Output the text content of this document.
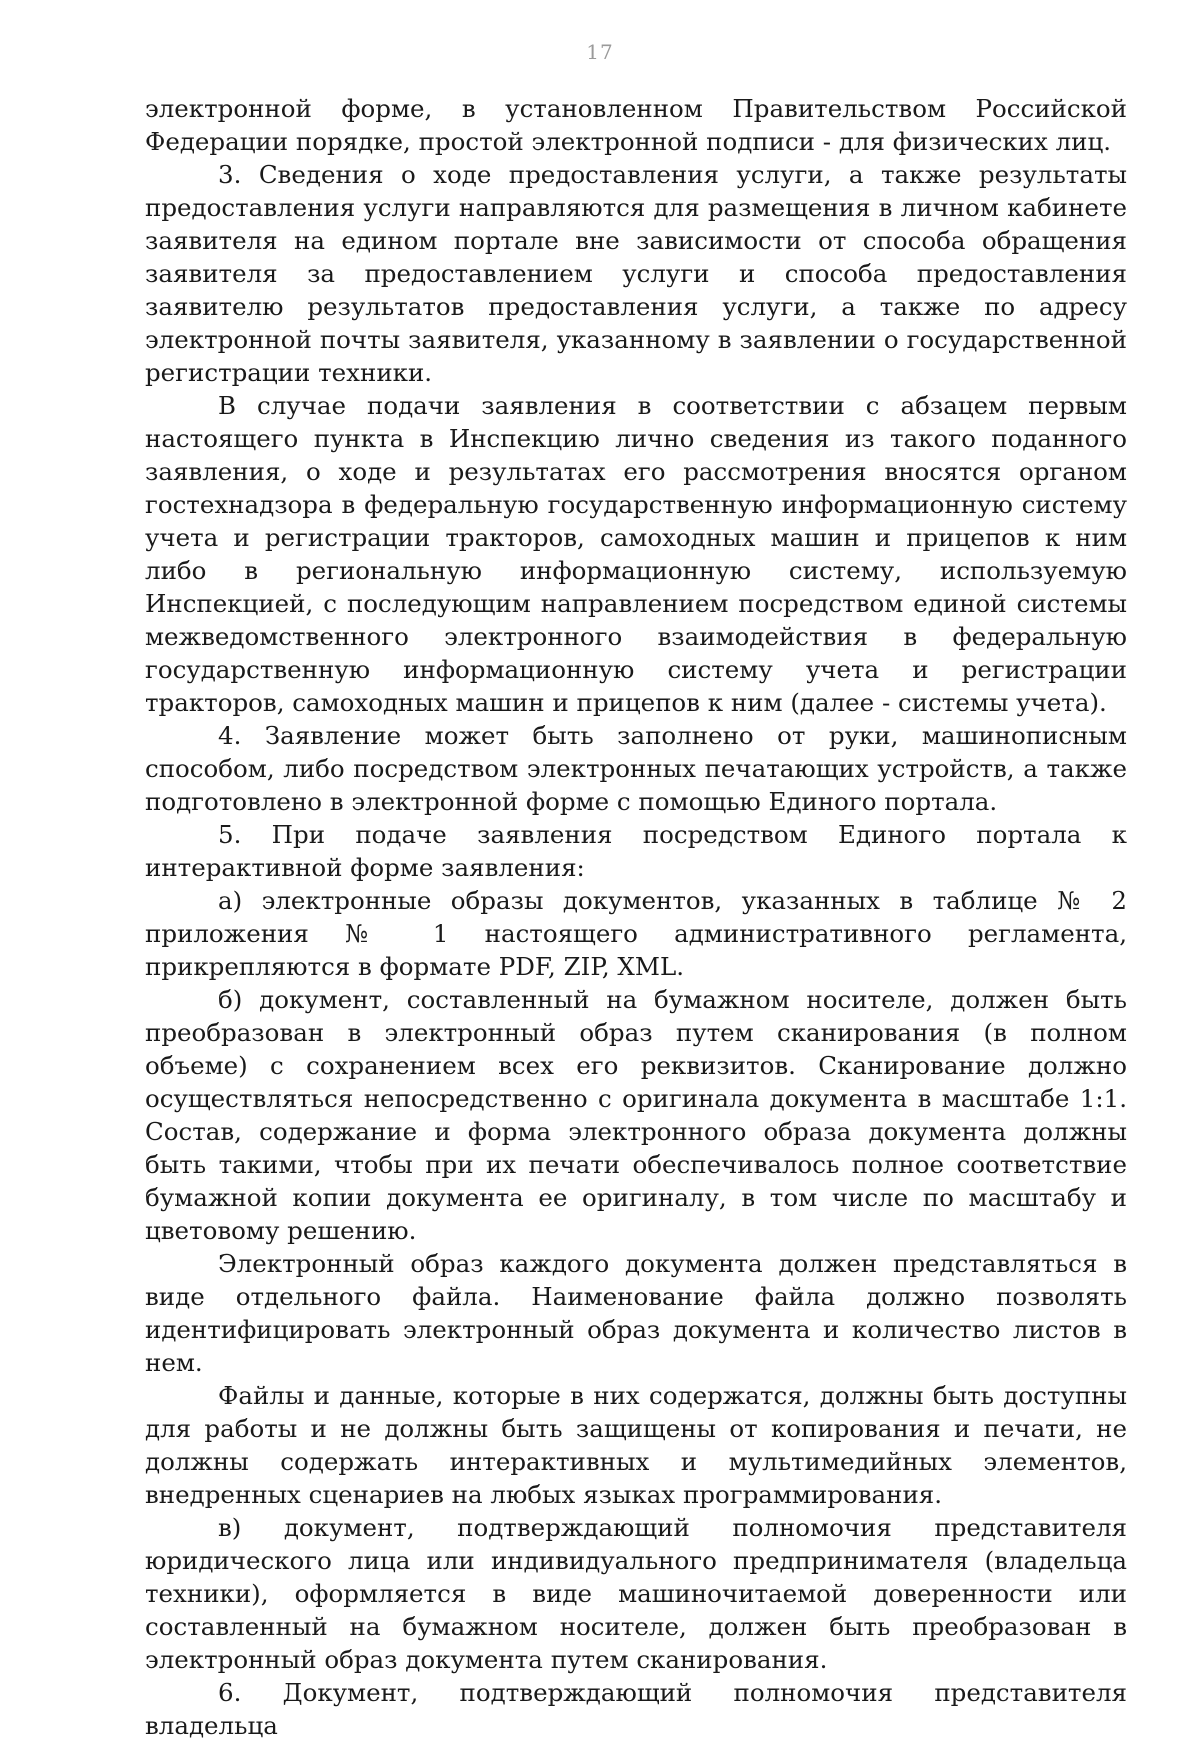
17

электронной форме, в установленном Правительством Российской Федерации порядке, простой электронной подписи - для физических лиц.

3. Сведения о ходе предоставления услуги, а также результаты предоставления услуги направляются для размещения в личном кабинете заявителя на едином портале вне зависимости от способа обращения заявителя за предоставлением услуги и способа предоставления заявителю результатов предоставления услуги, а также по адресу электронной почты заявителя, указанному в заявлении о государственной регистрации техники.

В случае подачи заявления в соответствии с абзацем первым настоящего пункта в Инспекцию лично сведения из такого поданного заявления, о ходе и результатах его рассмотрения вносятся органом гостехнадзора в федеральную государственную информационную систему учета и регистрации тракторов, самоходных машин и прицепов к ним либо в региональную информационную систему, используемую Инспекцией, с последующим направлением посредством единой системы межведомственного электронного взаимодействия в федеральную государственную информационную систему учета и регистрации тракторов, самоходных машин и прицепов к ним (далее - системы учета).

4. Заявление может быть заполнено от руки, машинописным способом, либо посредством электронных печатающих устройств, а также подготовлено в электронной форме с помощью Единого портала.

5. При подаче заявления посредством Единого портала к интерактивной форме заявления:

а) электронные образы документов, указанных в таблице № 2 приложения № 1 настоящего административного регламента, прикрепляются в формате PDF, ZIP, XML.

б) документ, составленный на бумажном носителе, должен быть преобразован в электронный образ путем сканирования (в полном объеме) с сохранением всех его реквизитов. Сканирование должно осуществляться непосредственно с оригинала документа в масштабе 1:1. Состав, содержание и форма электронного образа документа должны быть такими, чтобы при их печати обеспечивалось полное соответствие бумажной копии документа ее оригиналу, в том числе по масштабу и цветовому решению.

Электронный образ каждого документа должен представляться в виде отдельного файла. Наименование файла должно позволять идентифицировать электронный образ документа и количество листов в нем.

Файлы и данные, которые в них содержатся, должны быть доступны для работы и не должны быть защищены от копирования и печати, не должны содержать интерактивных и мультимедийных элементов, внедренных сценариев на любых языках программирования.

в) документ, подтверждающий полномочия представителя юридического лица или индивидуального предпринимателя (владельца техники), оформляется в виде машиночитаемой доверенности или составленный на бумажном носителе, должен быть преобразован в электронный образ документа путем сканирования.

6. Документ, подтверждающий полномочия представителя владельца
